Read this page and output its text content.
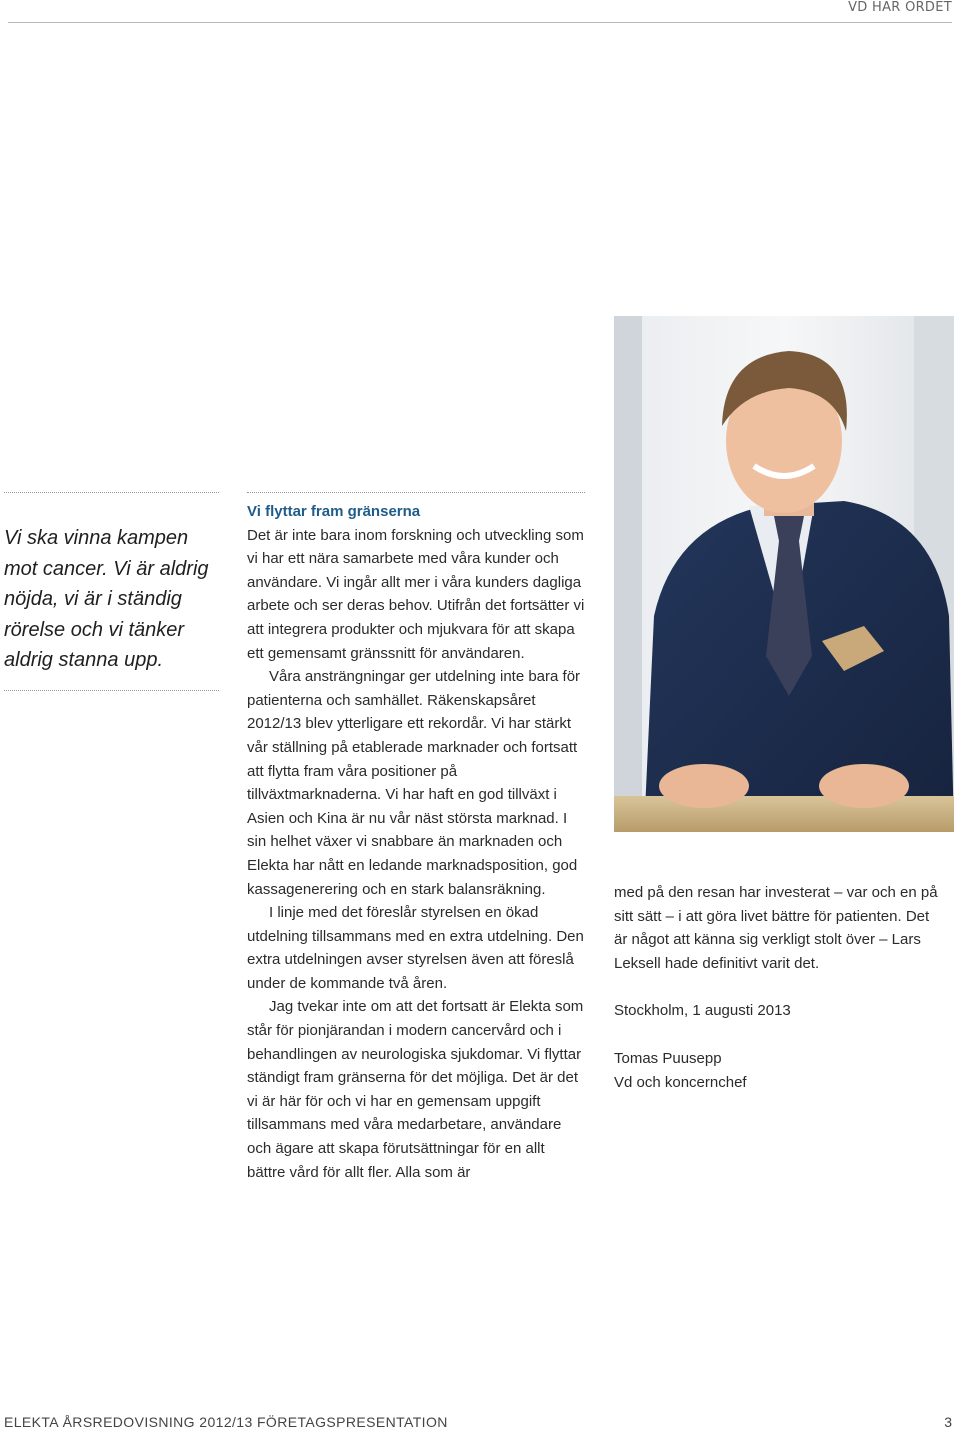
VD HAR ORDET

Vi ska vinna kampen mot cancer. Vi är aldrig nöjda, vi är i ständig rörelse och vi tänker aldrig stanna upp.

Vi flyttar fram gränserna

Det är inte bara inom forskning och utveckling som vi har ett nära samarbete med våra kunder och användare. Vi ingår allt mer i våra kunders dagliga arbete och ser deras behov. Utifrån det fortsätter vi att integrera produkter och mjukvara för att skapa ett gemensamt gränssnitt för användaren.

Våra ansträngningar ger utdelning inte bara för patienterna och samhället. Räkenskapsåret 2012/13 blev ytterligare ett rekordår. Vi har stärkt vår ställning på etablerade marknader och fortsatt att flytta fram våra positioner på tillväxtmarknaderna. Vi har haft en god tillväxt i Asien och Kina är nu vår näst största marknad. I sin helhet växer vi snabbare än marknaden och Elekta har nått en ledande marknadsposition, god kassagenerering och en stark balansräkning.

I linje med det föreslår styrelsen en ökad utdelning tillsammans med en extra utdelning. Den extra utdelningen avser styrelsen även att föreslå under de kommande två åren.

Jag tvekar inte om att det fortsatt är Elekta som står för pionjärandan i modern cancervård och i behandlingen av neurologiska sjukdomar. Vi flyttar ständigt fram gränserna för det möjliga. Det är det vi är här för och vi har en gemensam uppgift tillsammans med våra medarbetare, användare och ägare att skapa förutsättningar för en allt bättre vård för allt fler. Alla som är

med på den resan har investerat – var och en på sitt sätt – i att göra livet bättre för patienten. Det är något att känna sig verkligt stolt över – Lars Leksell hade definitivt varit det.

Stockholm, 1 augusti 2013

Tomas Puusepp

Vd och koncernchef

ELEKTA ÅRSREDOVISNING 2012/13 FÖRETAGSPRESENTATION	3
